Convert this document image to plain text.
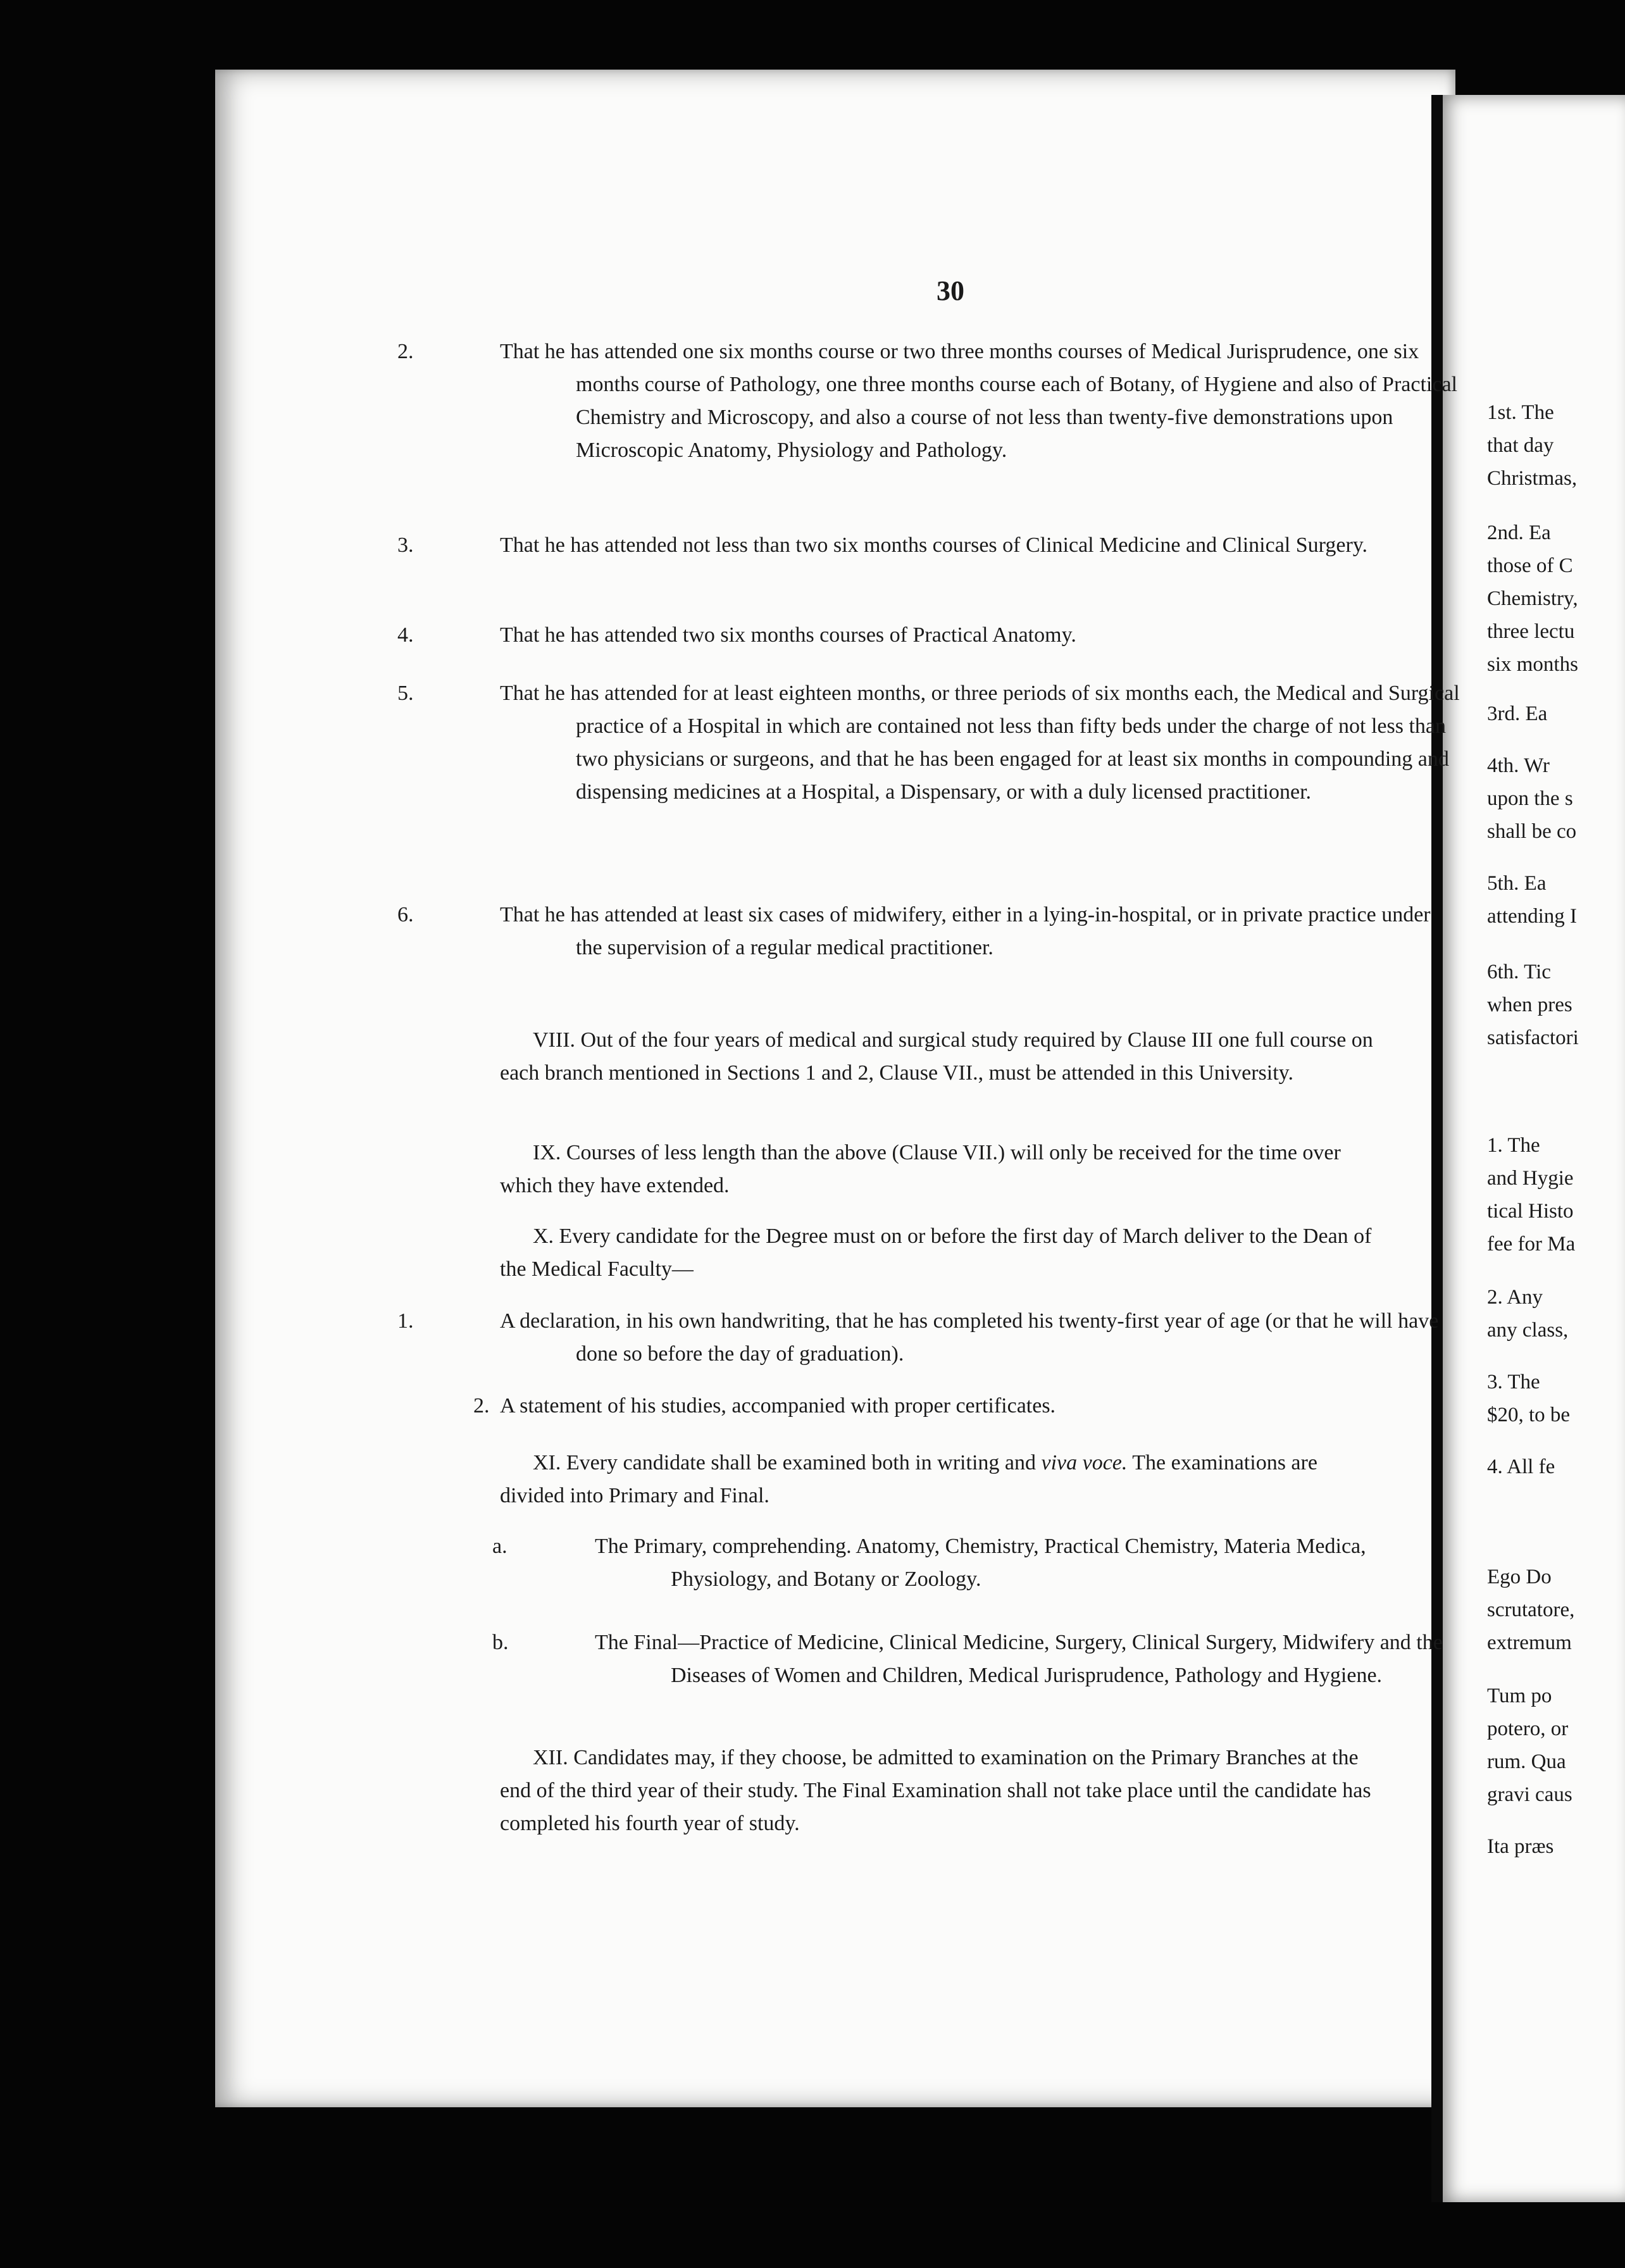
30
That he has attended one six months course or two three months courses of Medical Jurisprudence, one six months course of Pathology, one three months course each of Botany, of Hygiene and also of Practical Chemistry and Microscopy, and also a course of not less than twenty-five demonstrations upon Microscopic Anatomy, Physiology and Pathology.
That he has attended not less than two six months courses of Clinical Medicine and Clinical Surgery.
That he has attended two six months courses of Practical Anatomy.
That he has attended for at least eighteen months, or three periods of six months each, the Medical and Surgical practice of a Hospital in which are contained not less than fifty beds under the charge of not less than two physicians or surgeons, and that he has been engaged for at least six months in compounding and dispensing medicines at a Hospital, a Dispensary, or with a duly licensed practitioner.
That he has attended at least six cases of midwifery, either in a lying-in-hospital, or in private practice under the supervision of a regular medical practitioner.
VIII. Out of the four years of medical and surgical study required by Clause III one full course on each branch mentioned in Sections 1 and 2, Clause VII., must be attended in this University.
IX. Courses of less length than the above (Clause VII.) will only be received for the time over which they have extended.
X. Every candidate for the Degree must on or before the first day of March deliver to the Dean of the Medical Faculty—
A declaration, in his own handwriting, that he has completed his twenty-first year of age (or that he will have done so before the day of graduation).
2. A statement of his studies, accompanied with proper certificates.
XI. Every candidate shall be examined both in writing and viva voce. The examinations are divided into Primary and Final.
The Primary, comprehending. Anatomy, Chemistry, Practical Chemistry, Materia Medica, Physiology, and Botany or Zoology.
The Final—Practice of Medicine, Clinical Medicine, Surgery, Clinical Surgery, Midwifery and the Diseases of Women and Children, Medical Jurisprudence, Pathology and Hygiene.
XII. Candidates may, if they choose, be admitted to examination on the Primary Branches at the end of the third year of their study. The Final Examination shall not take place until the candidate has completed his fourth year of study.
1st. The
that day
Christmas,
2nd. Ea
those of C
Chemistry,
three lectu
six months
3rd. Ea
4th. Wr
upon the s
shall be co
5th. Ea
attending I
6th. Tic
when pres
satisfactori
1. The
and Hygie
tical Histo
fee for Ma
2. Any
any class,
3. The
$20, to be
4. All fe
Ego Do
scrutatore,
extremum
Tum po
potero, or
rum. Qua
gravi caus
Ita præs
